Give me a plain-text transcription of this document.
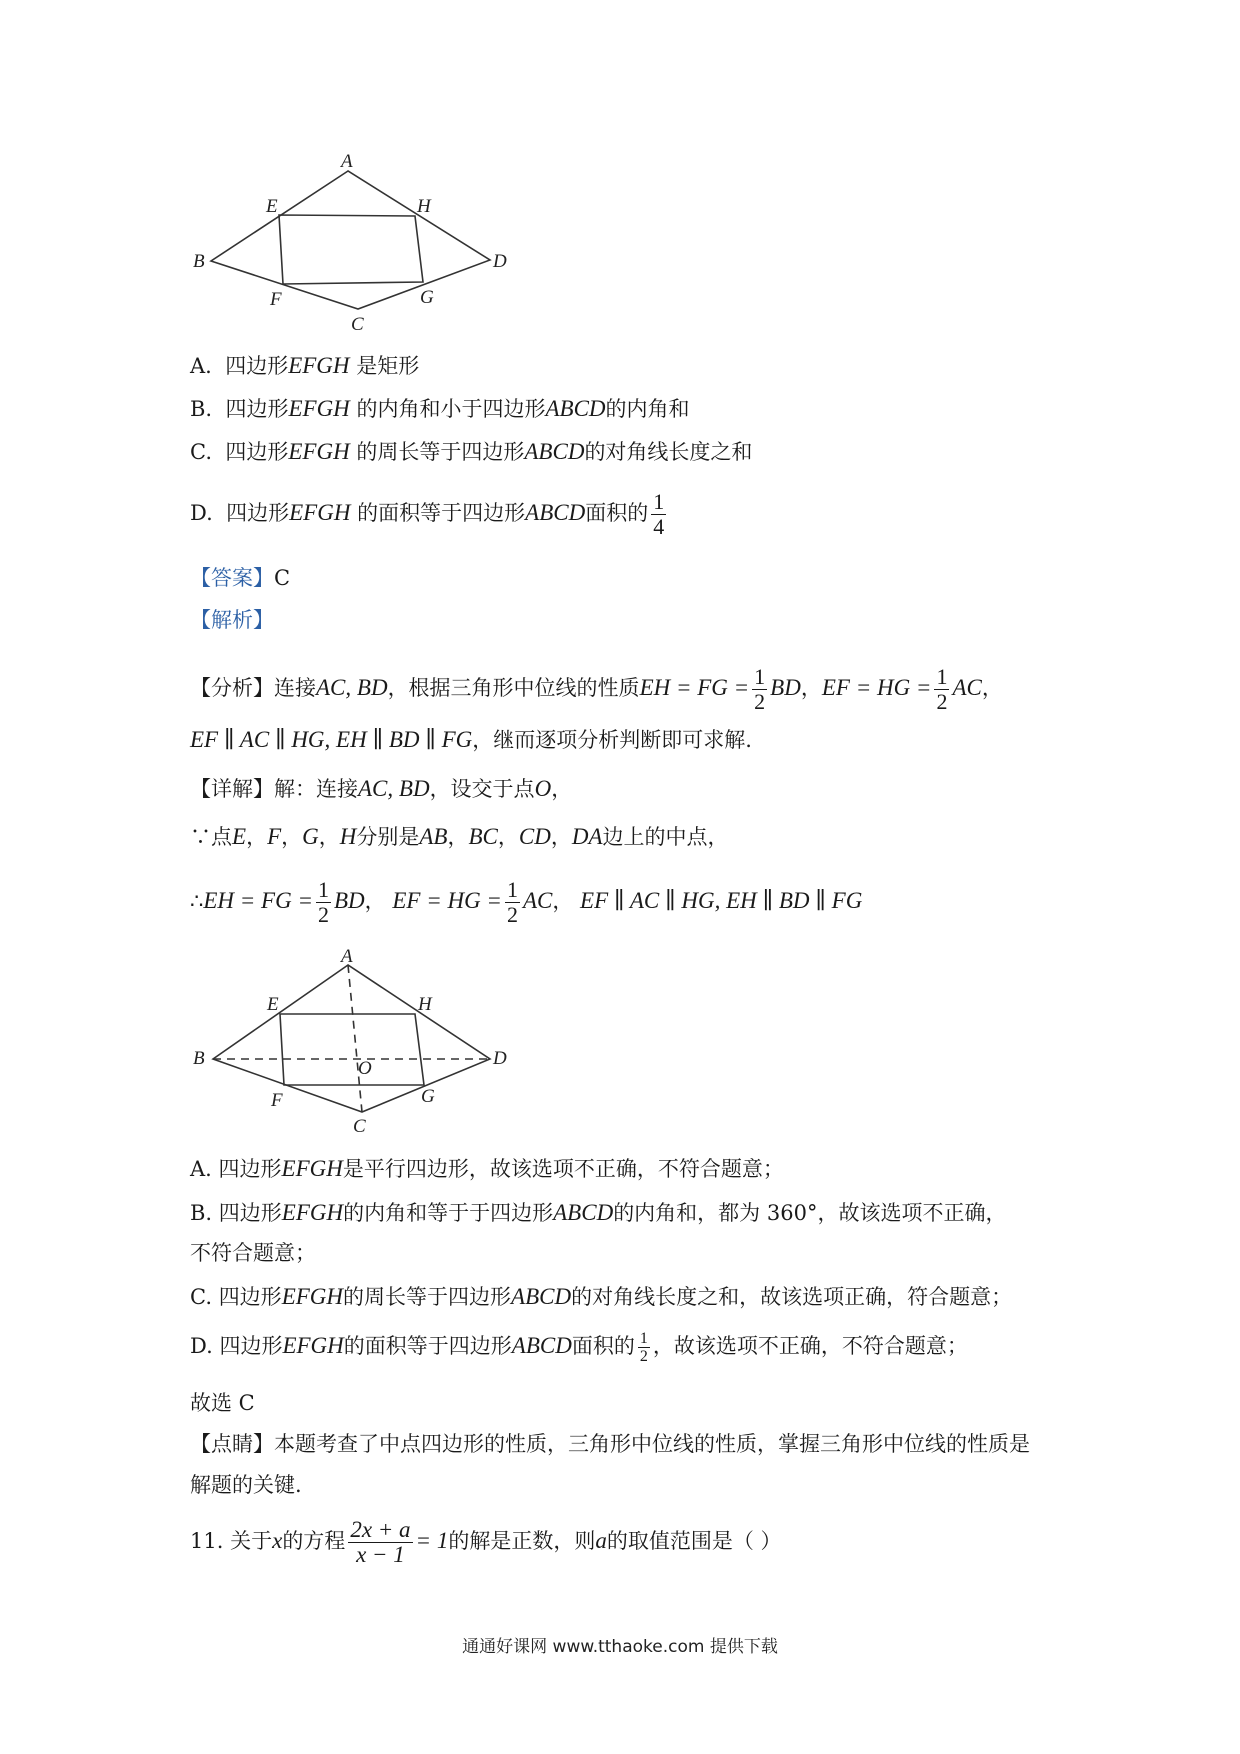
A
E	H
B	D
F	G
C
A. 四边形EFGH 是矩形
B. 四边形EFGH 的内角和小于四边形ABCD的内角和
C. 四边形EFGH 的周长等于四边形ABCD的对角线长度之和
D. 四边形EFGH 的面积等于四边形ABCD面积的 $\frac{1}{4}$
【答案】C
【解析】
【分析】连接AC, BD，根据三角形中位线的性质EH = FG = $\frac{1}{2}$ BD，EF = HG = $\frac{1}{2}$ AC，
EF ∥ AC ∥ HG, EH ∥ BD ∥ FG，继而逐项分析判断即可求解.
【详解】解：连接AC, BD，设交于点O，
∵点E，F，G，H分别是AB，BC，CD，DA边上的中点，
∴EH = FG = $\frac{1}{2}$ BD， EF = HG = $\frac{1}{2}$ AC， EF ∥ AC ∥ HG, EH ∥ BD ∥ FG
A
E	H
B	D
O
F	G
C
A. 四边形EFGH是平行四边形，故该选项不正确，不符合题意；
B. 四边形EFGH的内角和等于于四边形ABCD的内角和，都为 360°，故该选项不正确，
不符合题意；
C. 四边形EFGH的周长等于四边形ABCD的对角线长度之和，故该选项正确，符合题意；
D. 四边形EFGH的面积等于四边形ABCD面积的 $\frac{1}{2}$ ，故该选项不正确，不符合题意；
故选 C
【点睛】本题考查了中点四边形的性质，三角形中位线的性质，掌握三角形中位线的性质是
解题的关键.
11. 关于x的方程 $\frac{2x + a}{x - 1} = 1$的解是正数，则a的取值范围是（ ）
通通好课网 www.tthaoke.com 提供下载
